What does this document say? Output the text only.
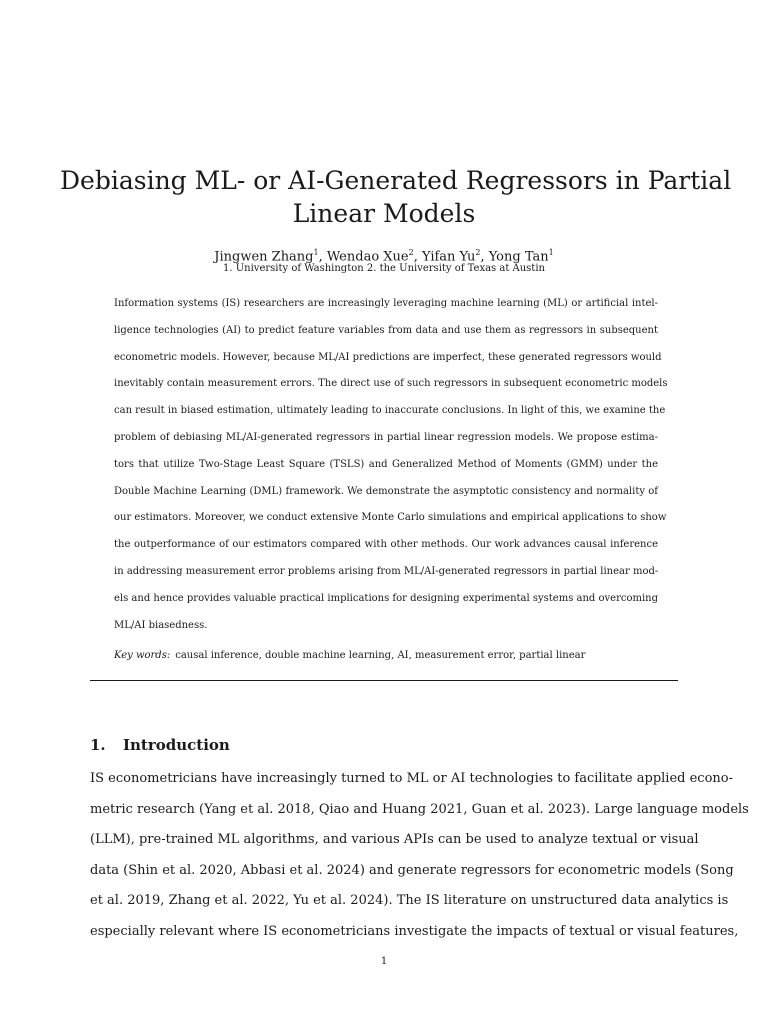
Debiasing ML- or AI-Generated Regressors in Partial
Linear Models
Jingwen Zhang$^1$, Wendao Xue$^2$, Yifan Yu$^2$, Yong Tan$^1$
1. University of Washington 2. the University of Texas at Austin
Information systems (IS) researchers are increasingly leveraging machine learning (ML) or artificial intel-
ligence technologies (AI) to predict feature variables from data and use them as regressors in subsequent
econometric models. However, because ML/AI predictions are imperfect, these generated regressors would
inevitably contain measurement errors. The direct use of such regressors in subsequent econometric models
can result in biased estimation, ultimately leading to inaccurate conclusions. In light of this, we examine the
problem of debiasing ML/AI-generated regressors in partial linear regression models. We propose estima-
tors that utilize Two-Stage Least Square (TSLS) and Generalized Method of Moments (GMM) under the
Double Machine Learning (DML) framework. We demonstrate the asymptotic consistency and normality of
our estimators. Moreover, we conduct extensive Monte Carlo simulations and empirical applications to show
the outperformance of our estimators compared with other methods. Our work advances causal inference
in addressing measurement error problems arising from ML/AI-generated regressors in partial linear mod-
els and hence provides valuable practical implications for designing experimental systems and overcoming
ML/AI biasedness.
Key words: causal inference, double machine learning, AI, measurement error, partial linear
1. Introduction
IS econometricians have increasingly turned to ML or AI technologies to facilitate applied econo-
metric research (Yang et al. 2018, Qiao and Huang 2021, Guan et al. 2023). Large language models
(LLM), pre-trained ML algorithms, and various APIs can be used to analyze textual or visual
data (Shin et al. 2020, Abbasi et al. 2024) and generate regressors for econometric models (Song
et al. 2019, Zhang et al. 2022, Yu et al. 2024). The IS literature on unstructured data analytics is
especially relevant where IS econometricians investigate the impacts of textual or visual features,
1
